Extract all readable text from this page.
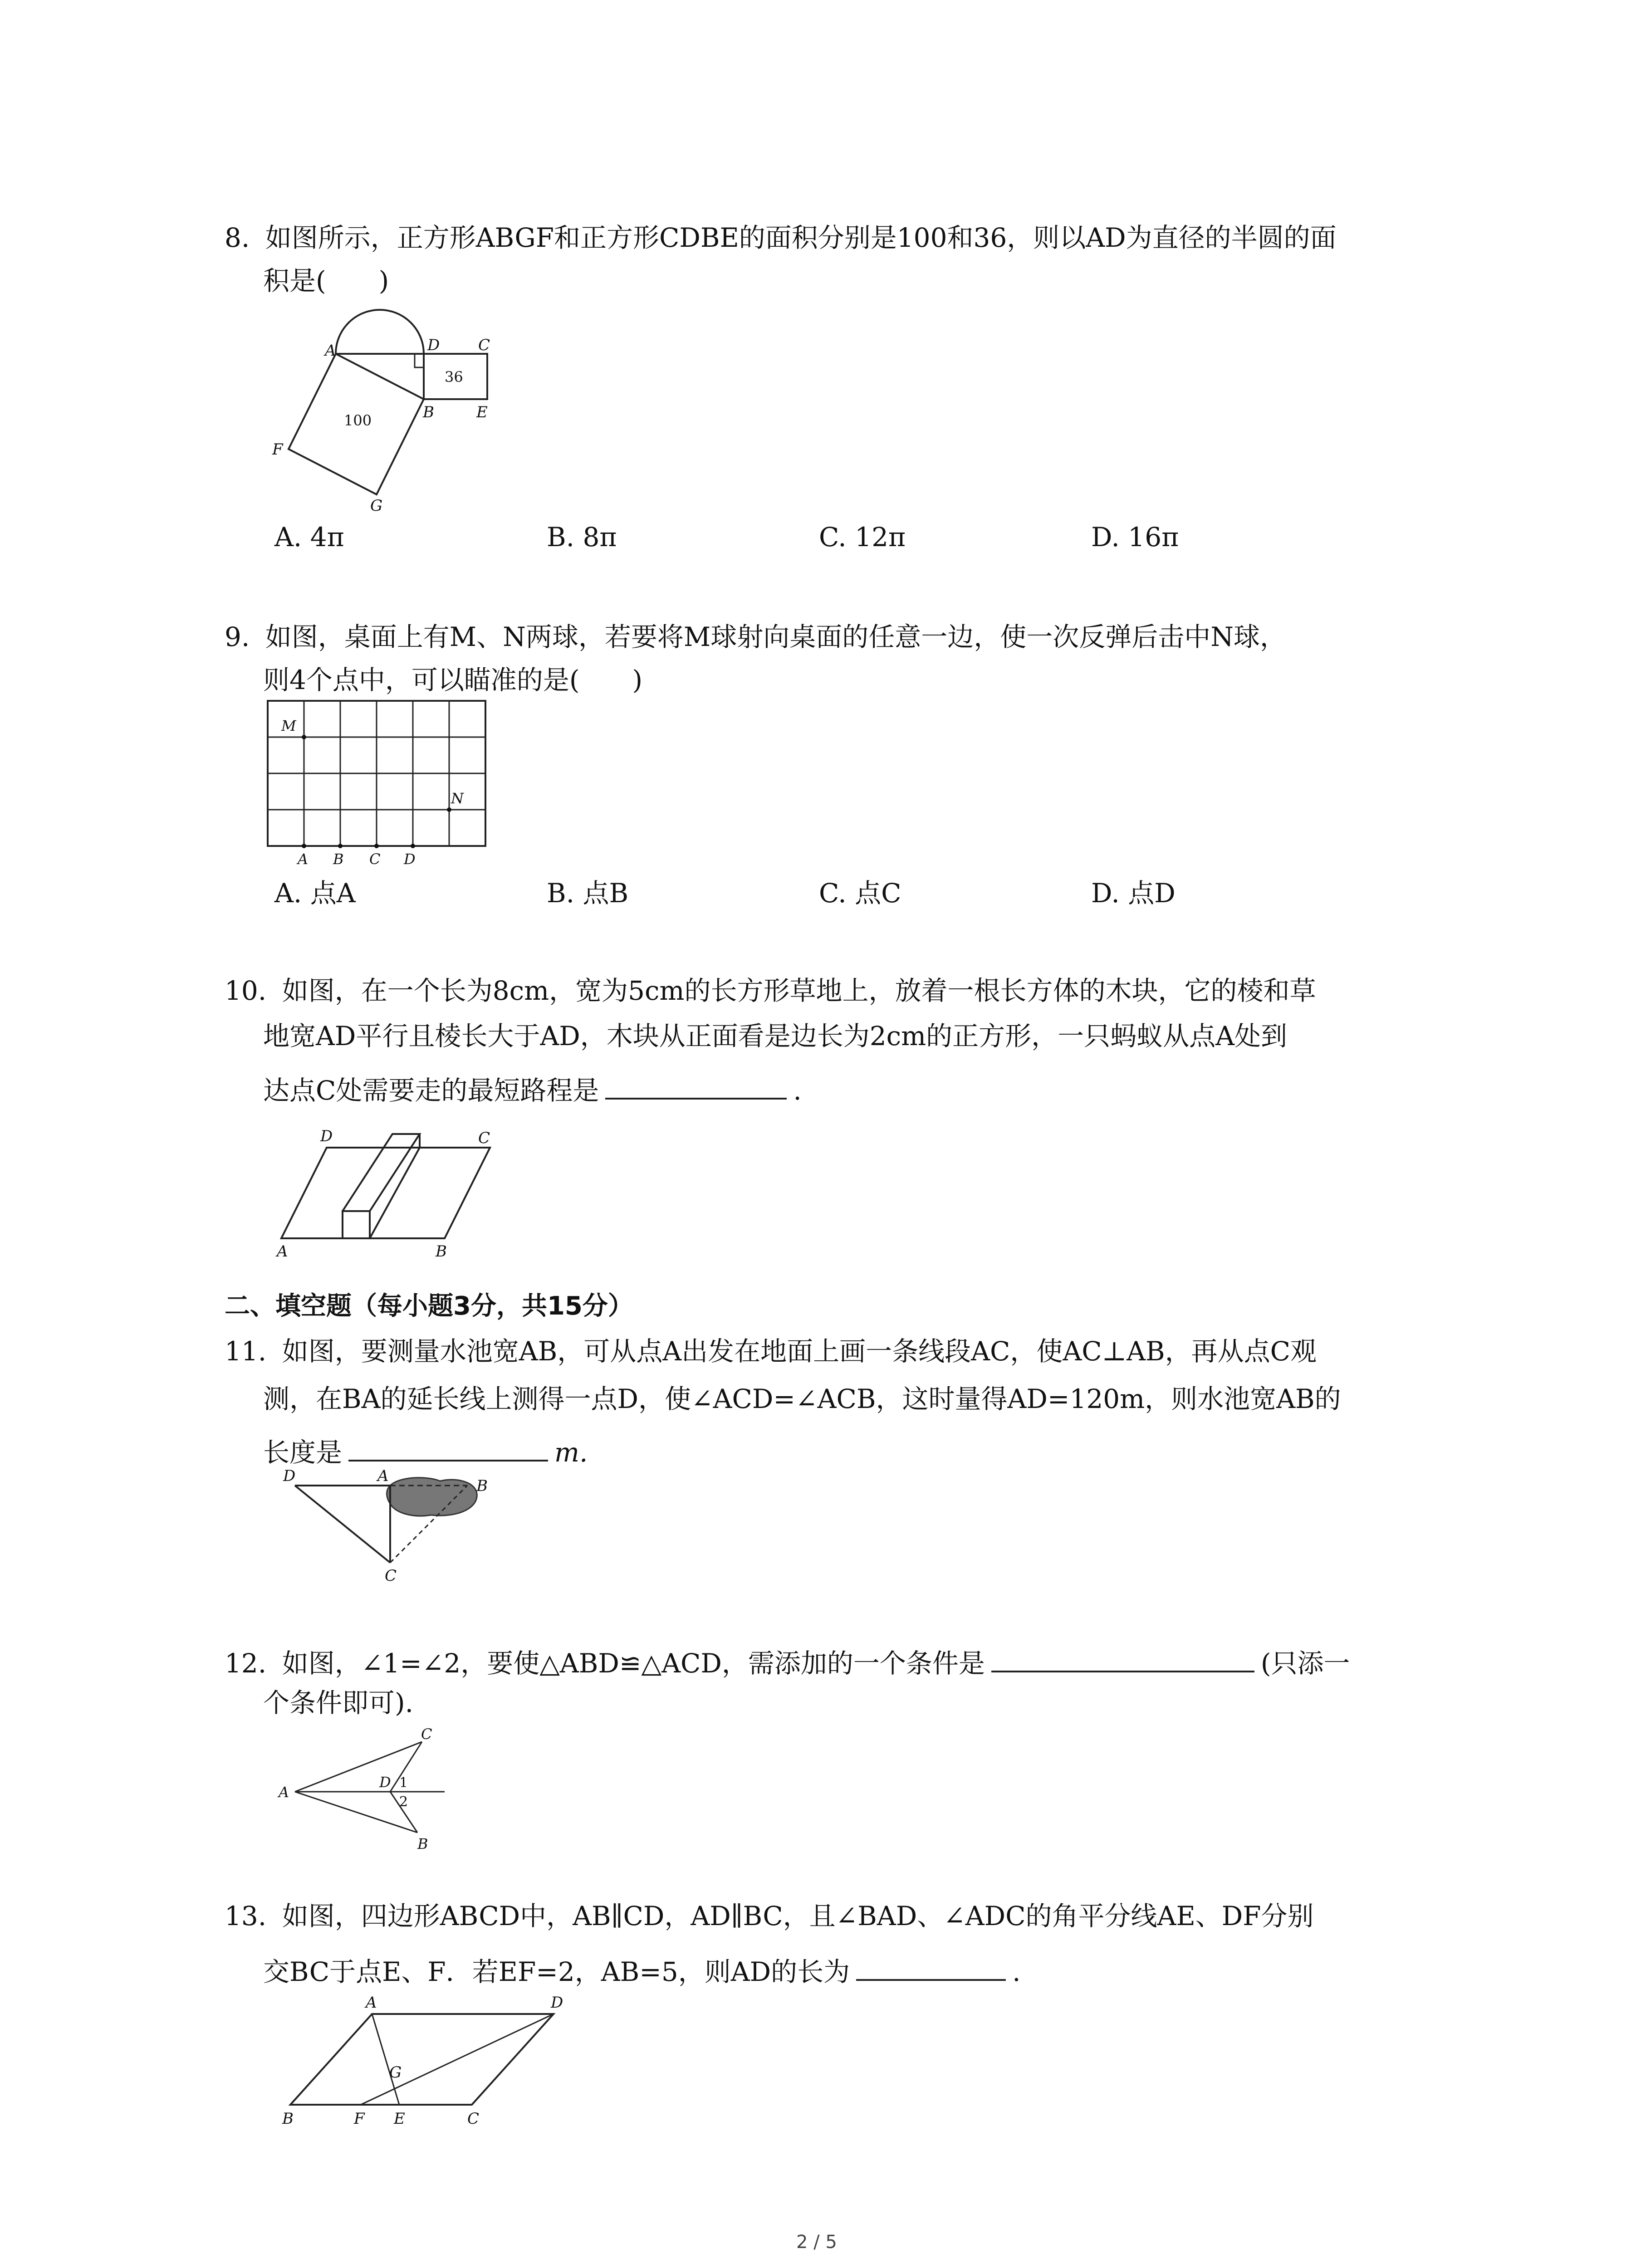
8. 如图所示，正方形ABGF和正方形CDBE的面积分别是100和36，则以AD为直径的半圆的面
积是(　　)
A	D C
B	E
F
G
36
100
A. 4π	B. 8π	C. 12π	D. 16π
9. 如图，桌面上有M、N两球，若要将M球射向桌面的任意一边，使一次反弹后击中N球，
则4个点中，可以瞄准的是(　　)
M
N
A B C D
A. 点A	B. 点B	C. 点C	D. 点D
10. 如图，在一个长为8cm，宽为5cm的长方形草地上，放着一根长方体的木块，它的棱和草
地宽AD平行且棱长大于AD，木块从正面看是边长为2cm的正方形，一只蚂蚁从点A处到
达点C处需要走的最短路程是	.
D	C
A	B
二、填空题（每小题3分，共15分）
11. 如图，要测量水池宽AB，可从点A出发在地面上画一条线段AC，使AC⊥AB，再从点C观
测，在BA的延长线上测得一点D，使∠ACD=∠ACB，这时量得AD=120m，则水池宽AB的
长度是	m.
D	A
B
C
12. 如图，∠1=∠2，要使△ABD≌△ACD，需添加的一个条件是	(只添一
个条件即可).
A
C
D
B
1
2
13. 如图，四边形ABCD中，AB∥CD，AD∥BC，且∠BAD、∠ADC的角平分线AE、DF分别
交BC于点E、F．若EF=2，AB=5，则AD的长为	.
A	D
G
B	F E	C
2 / 5
